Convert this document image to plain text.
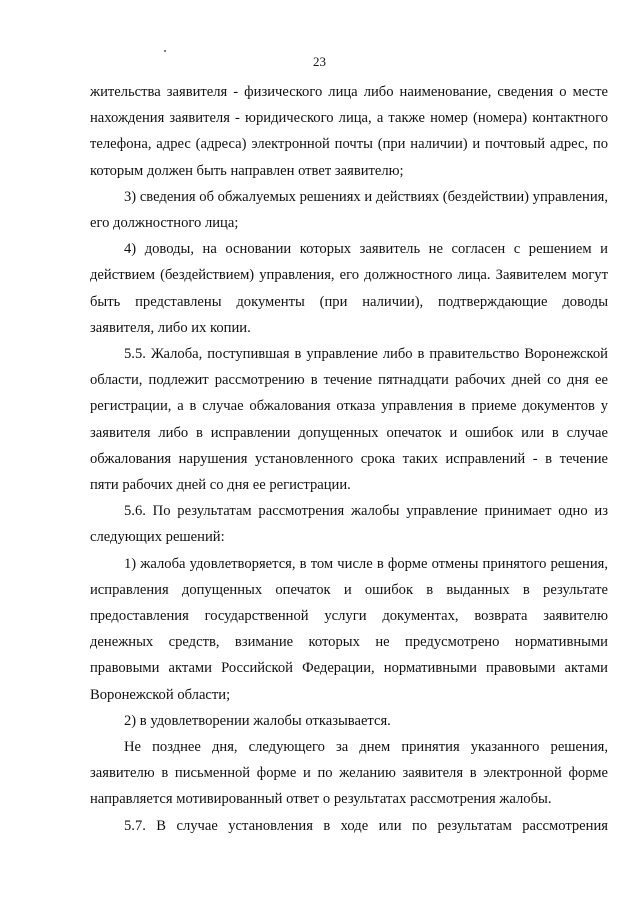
23

жительства заявителя - физического лица либо наименование, сведения о месте нахождения заявителя - юридического лица, а также номер (номера) контактного телефона, адрес (адреса) электронной почты (при наличии) и почтовый адрес, по которым должен быть направлен ответ заявителю;

3) сведения об обжалуемых решениях и действиях (бездействии) управления, его должностного лица;

4) доводы, на основании которых заявитель не согласен с решением и действием (бездействием) управления, его должностного лица. Заявителем могут быть представлены документы (при наличии), подтверждающие доводы заявителя, либо их копии.

5.5. Жалоба, поступившая в управление либо в правительство Воронежской области, подлежит рассмотрению в течение пятнадцати рабочих дней со дня ее регистрации, а в случае обжалования отказа управления в приеме документов у заявителя либо в исправлении допущенных опечаток и ошибок или в случае обжалования нарушения установленного срока таких исправлений - в течение пяти рабочих дней со дня ее регистрации.

5.6. По результатам рассмотрения жалобы управление принимает одно из следующих решений:

1) жалоба удовлетворяется, в том числе в форме отмены принятого решения, исправления допущенных опечаток и ошибок в выданных в результате предоставления государственной услуги документах, возврата заявителю денежных средств, взимание которых не предусмотрено нормативными правовыми актами Российской Федерации, нормативными правовыми актами Воронежской области;

2) в удовлетворении жалобы отказывается.

Не позднее дня, следующего за днем принятия указанного решения, заявителю в письменной форме и по желанию заявителя в электронной форме направляется мотивированный ответ о результатах рассмотрения жалобы.

5.7. В случае установления в ходе или по результатам рассмотрения
